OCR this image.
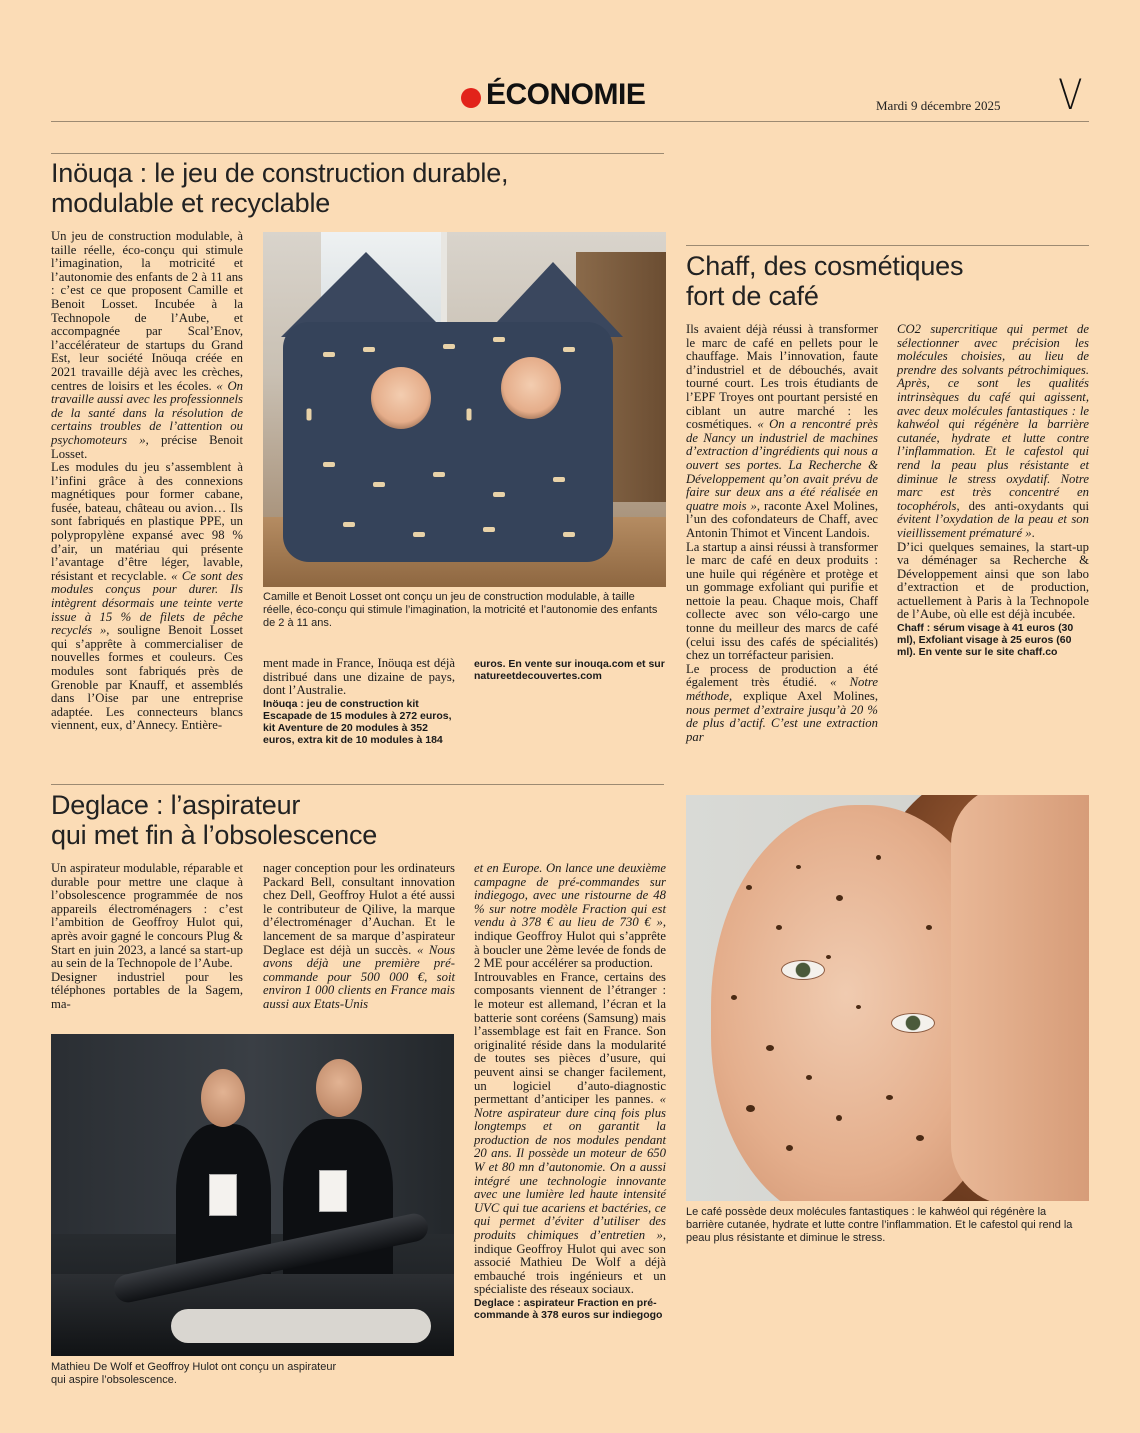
ÉCONOMIE	Mardi 9 décembre 2025 V
Inöuqa : le jeu de construction durable,
modulable et recyclable

Un jeu de construction modulable, à taille réelle, éco-conçu qui stimule l’imagination, la motricité et l’autonomie des enfants de 2 à 11 ans : c’est ce que proposent Camille et Benoit Losset. Incubée à la Technopole de l’Aube, et accompagnée par Scal’Enov, l’accélérateur de startups du Grand Est, leur société Inöuqa créée en 2021 travaille déjà avec les crèches, centres de loisirs et les écoles. « On travaille aussi avec les professionnels de la santé dans la résolution de certains troubles de l’attention ou psychomoteurs », précise Benoit Losset.

Les modules du jeu s’assemblent à l’infini grâce à des connexions magnétiques pour former cabane, fusée, bateau, château ou avion… Ils sont fabriqués en plastique PPE, un polypropylène expansé avec 98 % d’air, un matériau qui présente l’avantage d’être léger, lavable, résistant et recyclable. « Ce sont des modules conçus pour durer. Ils intègrent désormais une teinte verte issue à 15 % de filets de pêche recyclés », souligne Benoit Losset qui s’apprête à commercialiser de nouvelles formes et couleurs. Ces modules sont fabriqués près de Grenoble par Knauff, et assemblés dans l’Oise par une entreprise adaptée. Les connecteurs blancs viennent, eux, d’Annecy. Entière-

Camille et Benoit Losset ont conçu un jeu de construction modulable, à taille réelle, éco-conçu qui stimule l’imagination, la motricité et l’autonomie des enfants de 2 à 11 ans.

ment made in France, Inöuqa est déjà distribué dans une dizaine de pays, dont l’Australie.

Inöuqa : jeu de construction kit Escapade de 15 modules à 272 euros, kit Aventure de 20 modules à 352 euros, extra kit de 10 modules à 184

euros. En vente sur inouqa.com et sur natureetdecouvertes.com
Chaff, des cosmétiques
fort de café

Ils avaient déjà réussi à transformer le marc de café en pellets pour le chauffage. Mais l’innovation, faute d’industriel et de débouchés, avait tourné court. Les trois étudiants de l’EPF Troyes ont pourtant persisté en ciblant un autre marché : les cosmétiques. « On a rencontré près de Nancy un industriel de machines d’extraction d’ingrédients qui nous a ouvert ses portes. La Recherche & Développement qu’on avait prévu de faire sur deux ans a été réalisée en quatre mois », raconte Axel Molines, l’un des cofondateurs de Chaff, avec Antonin Thimot et Vincent Landois.

La startup a ainsi réussi à transformer le marc de café en deux produits : une huile qui régénère et protège et un gommage exfoliant qui purifie et nettoie la peau. Chaque mois, Chaff collecte avec son vélo-cargo une tonne du meilleur des marcs de café (celui issu des cafés de spécialités) chez un torréfacteur parisien.

Le process de production a été également très étudié. « Notre méthode, explique Axel Molines, nous permet d’extraire jusqu’à 20 % de plus d’actif. C’est une extraction par

CO2 supercritique qui permet de sélectionner avec précision les molécules choisies, au lieu de prendre des solvants pétrochimiques. Après, ce sont les qualités intrinsèques du café qui agissent, avec deux molécules fantastiques : le kahwéol qui régénère la barrière cutanée, hydrate et lutte contre l’inflammation. Et le cafestol qui rend la peau plus résistante et diminue le stress oxydatif. Notre marc est très concentré en tocophérols, des anti-oxydants qui évitent l’oxydation de la peau et son vieillissement prématuré ».

D’ici quelques semaines, la start-up va déménager sa Recherche & Développement ainsi que son labo d’extraction et de production, actuellement à Paris à la Technopole de l’Aube, où elle est déjà incubée.

Chaff : sérum visage à 41 euros (30 ml), Exfoliant visage à 25 euros (60 ml). En vente sur le site chaff.co

Le café possède deux molécules fantastiques : le kahwéol qui régénère la barrière cutanée, hydrate et lutte contre l’inflammation. Et le cafestol qui rend la peau plus résistante et diminue le stress.
Deglace : l’aspirateur
qui met fin à l’obsolescence

Un aspirateur modulable, réparable et durable pour mettre une claque à l’obsolescence programmée de nos appareils électroménagers : c’est l’ambition de Geoffroy Hulot qui, après avoir gagné le concours Plug & Start en juin 2023, a lancé sa start-up au sein de la Technopole de l’Aube.

Designer industriel pour les téléphones portables de la Sagem, ma-

nager conception pour les ordinateurs Packard Bell, consultant innovation chez Dell, Geoffroy Hulot a été aussi le contributeur de Qilive, la marque d’électroménager d’Auchan. Et le lancement de sa marque d’aspirateur Deglace est déjà un succès. « Nous avons déjà une première pré-commande pour 500 000 €, soit environ 1 000 clients en France mais aussi aux Etats-Unis

et en Europe. On lance une deuxième campagne de pré-commandes sur indiegogo, avec une ristourne de 48 % sur notre modèle Fraction qui est vendu à 378 € au lieu de 730 € », indique Geoffroy Hulot qui s’apprête à boucler une 2ème levée de fonds de 2 ME pour accélérer sa production.

Introuvables en France, certains des composants viennent de l’étranger : le moteur est allemand, l’écran et la batterie sont coréens (Samsung) mais l’assemblage est fait en France. Son originalité réside dans la modularité de toutes ses pièces d’usure, qui peuvent ainsi se changer facilement, un logiciel d’auto-diagnostic permettant d’anticiper les pannes. « Notre aspirateur dure cinq fois plus longtemps et on garantit la production de nos modules pendant 20 ans. Il possède un moteur de 650 W et 80 mn d’autonomie. On a aussi intégré une technologie innovante avec une lumière led haute intensité UVC qui tue acariens et bactéries, ce qui permet d’éviter d’utiliser des produits chimiques d’entretien », indique Geoffroy Hulot qui avec son associé Mathieu De Wolf a déjà embauché trois ingénieurs et un spécialiste des réseaux sociaux.

Deglace : aspirateur Fraction en pré-commande à 378 euros sur indiegogo

Mathieu De Wolf et Geoffroy Hulot ont conçu un aspirateur qui aspire l’obsolescence.
